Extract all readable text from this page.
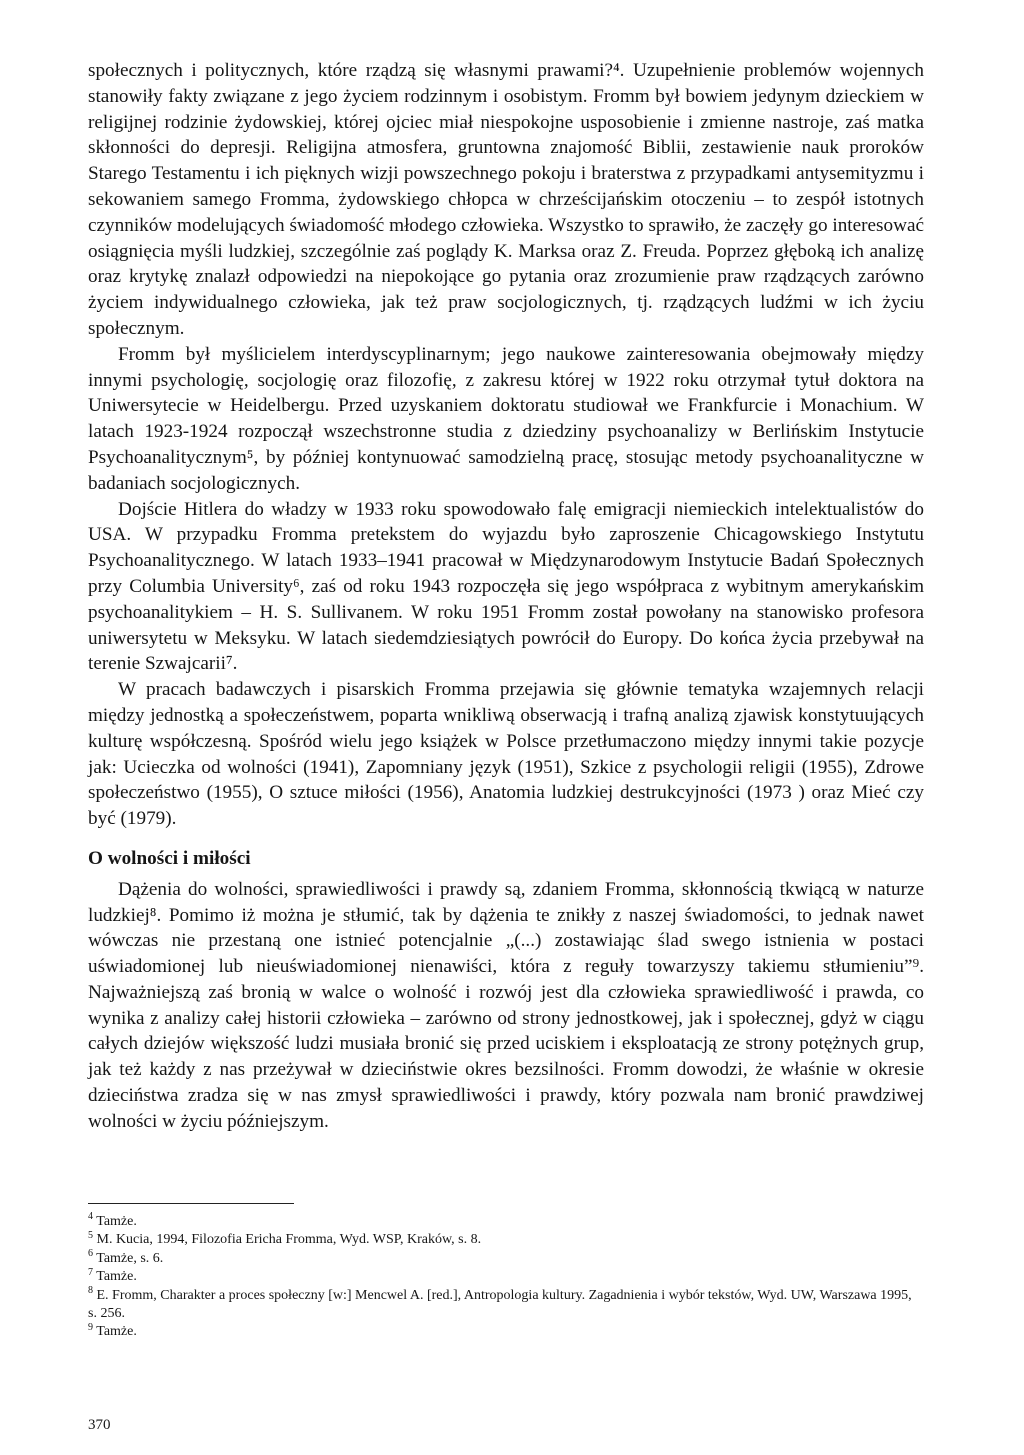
społecznych i politycznych, które rządzą się własnymi prawami?⁴. Uzupełnienie problemów wojennych stanowiły fakty związane z jego życiem rodzinnym i osobistym. Fromm był bowiem jedynym dzieckiem w religijnej rodzinie żydowskiej, której ojciec miał niespokojne usposobienie i zmienne nastroje, zaś matka skłonności do depresji. Religijna atmosfera, gruntowna znajomość Biblii, zestawienie nauk proroków Starego Testamentu i ich pięknych wizji powszechnego pokoju i braterstwa z przypadkami antysemityzmu i sekowaniem samego Fromma, żydowskiego chłopca w chrześcijańskim otoczeniu – to zespół istotnych czynników modelujących świadomość młodego człowieka. Wszystko to sprawiło, że zaczęły go interesować osiągnięcia myśli ludzkiej, szczególnie zaś poglądy K. Marksa oraz Z. Freuda. Poprzez głęboką ich analizę oraz krytykę znalazł odpowiedzi na niepokojące go pytania oraz zrozumienie praw rządzących zarówno życiem indywidualnego człowieka, jak też praw socjologicznych, tj. rządzących ludźmi w ich życiu społecznym.

Fromm był myślicielem interdyscyplinarnym; jego naukowe zainteresowania obejmowały między innymi psychologię, socjologię oraz filozofię, z zakresu której w 1922 roku otrzymał tytuł doktora na Uniwersytecie w Heidelbergu. Przed uzyskaniem doktoratu studiował we Frankfurcie i Monachium. W latach 1923-1924 rozpoczął wszechstronne studia z dziedziny psychoanalizy w Berlińskim Instytucie Psychoanalitycznym⁵, by później kontynuować samodzielną pracę, stosując metody psychoanalityczne w badaniach socjologicznych.

Dojście Hitlera do władzy w 1933 roku spowodowało falę emigracji niemieckich intelektualistów do USA. W przypadku Fromma pretekstem do wyjazdu było zaproszenie Chicagowskiego Instytutu Psychoanalitycznego. W latach 1933–1941 pracował w Międzynarodowym Instytucie Badań Społecznych przy Columbia University⁶, zaś od roku 1943 rozpoczęła się jego współpraca z wybitnym amerykańskim psychoanalitykiem – H. S. Sullivanem. W roku 1951 Fromm został powołany na stanowisko profesora uniwersytetu w Meksyku. W latach siedemdziesiątych powrócił do Europy. Do końca życia przebywał na terenie Szwajcarii⁷.

W pracach badawczych i pisarskich Fromma przejawia się głównie tematyka wzajemnych relacji między jednostką a społeczeństwem, poparta wnikliwą obserwacją i trafną analizą zjawisk konstytuujących kulturę współczesną. Spośród wielu jego książek w Polsce przetłumaczono między innymi takie pozycje jak: Ucieczka od wolności (1941), Zapomniany język (1951), Szkice z psychologii religii (1955), Zdrowe społeczeństwo (1955), O sztuce miłości (1956), Anatomia ludzkiej destrukcyjności (1973 ) oraz Mieć czy być (1979).

O wolności i miłości

Dążenia do wolności, sprawiedliwości i prawdy są, zdaniem Fromma, skłonnością tkwiącą w naturze ludzkiej⁸. Pomimo iż można je stłumić, tak by dążenia te znikły z naszej świadomości, to jednak nawet wówczas nie przestaną one istnieć potencjalnie „(...) zostawiając ślad swego istnienia w postaci uświadomionej lub nieuświadomionej nienawiści, która z reguły towarzyszy takiemu stłumieniu”⁹. Najważniejszą zaś bronią w walce o wolność i rozwój jest dla człowieka sprawiedliwość i prawda, co wynika z analizy całej historii człowieka – zarówno od strony jednostkowej, jak i społecznej, gdyż w ciągu całych dziejów większość ludzi musiała bronić się przed uciskiem i eksploatacją ze strony potężnych grup, jak też każdy z nas przeżywał w dzieciństwie okres bezsilności. Fromm dowodzi, że właśnie w okresie dzieciństwa zradza się w nas zmysł sprawiedliwości i prawdy, który pozwala nam bronić prawdziwej wolności w życiu późniejszym.

$^4$ Tamże.

$^5$ M. Kucia, 1994, Filozofia Ericha Fromma, Wyd. WSP, Kraków, s. 8.

$^6$ Tamże, s. 6.

$^7$ Tamże.

$^8$ E. Fromm, Charakter a proces społeczny [w:] Mencwel A. [red.], Antropologia kultury. Zagadnienia i wybór tekstów, Wyd. UW, Warszawa 1995, s. 256.

$^9$ Tamże.

370
